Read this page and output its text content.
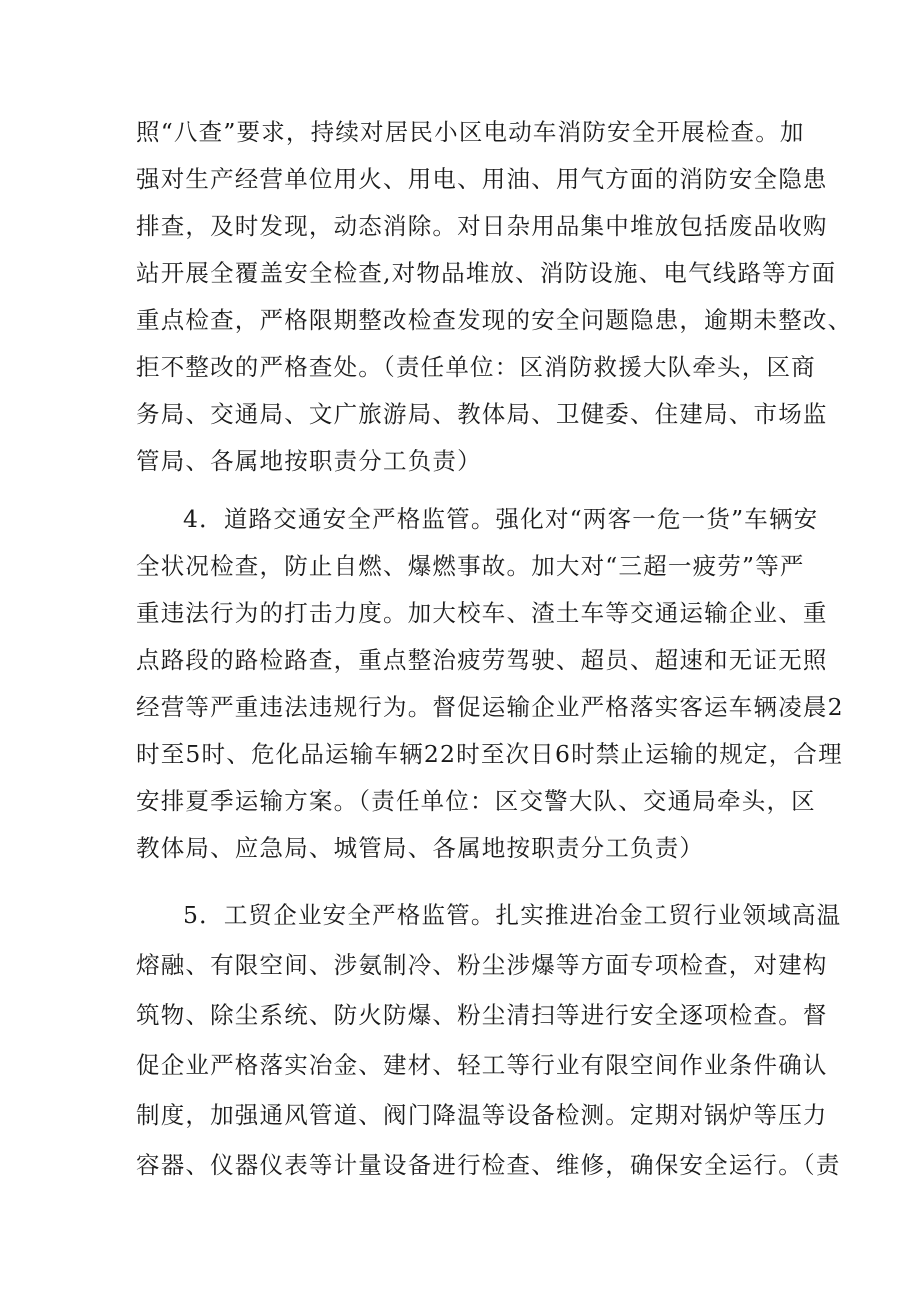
照“八查”要求，持续对居民小区电动车消防安全开展检查。加
强对生产经营单位用火、用电、用油、用气方面的消防安全隐患
排查，及时发现，动态消除。对日杂用品集中堆放包括废品收购
站开展全覆盖安全检查,对物品堆放、消防设施、电气线路等方面
重点检查，严格限期整改检查发现的安全问题隐患，逾期未整改、
拒不整改的严格查处。（责任单位：区消防救援大队牵头，区商
务局、交通局、文广旅游局、教体局、卫健委、住建局、市场监
管局、各属地按职责分工负责）
4．道路交通安全严格监管。强化对“两客一危一货”车辆安
全状况检查，防止自燃、爆燃事故。加大对“三超一疲劳”等严
重违法行为的打击力度。加大校车、渣土车等交通运输企业、重
点路段的路检路查，重点整治疲劳驾驶、超员、超速和无证无照
经营等严重违法违规行为。督促运输企业严格落实客运车辆凌晨2
时至5时、危化品运输车辆22时至次日6时禁止运输的规定，合理
安排夏季运输方案。（责任单位：区交警大队、交通局牵头，区
教体局、应急局、城管局、各属地按职责分工负责）
5．工贸企业安全严格监管。扎实推进冶金工贸行业领域高温
熔融、有限空间、涉氨制冷、粉尘涉爆等方面专项检查，对建构
筑物、除尘系统、防火防爆、粉尘清扫等进行安全逐项检查。督
促企业严格落实冶金、建材、轻工等行业有限空间作业条件确认
制度，加强通风管道、阀门降温等设备检测。定期对锅炉等压力
容器、仪器仪表等计量设备进行检查、维修，确保安全运行。（责
